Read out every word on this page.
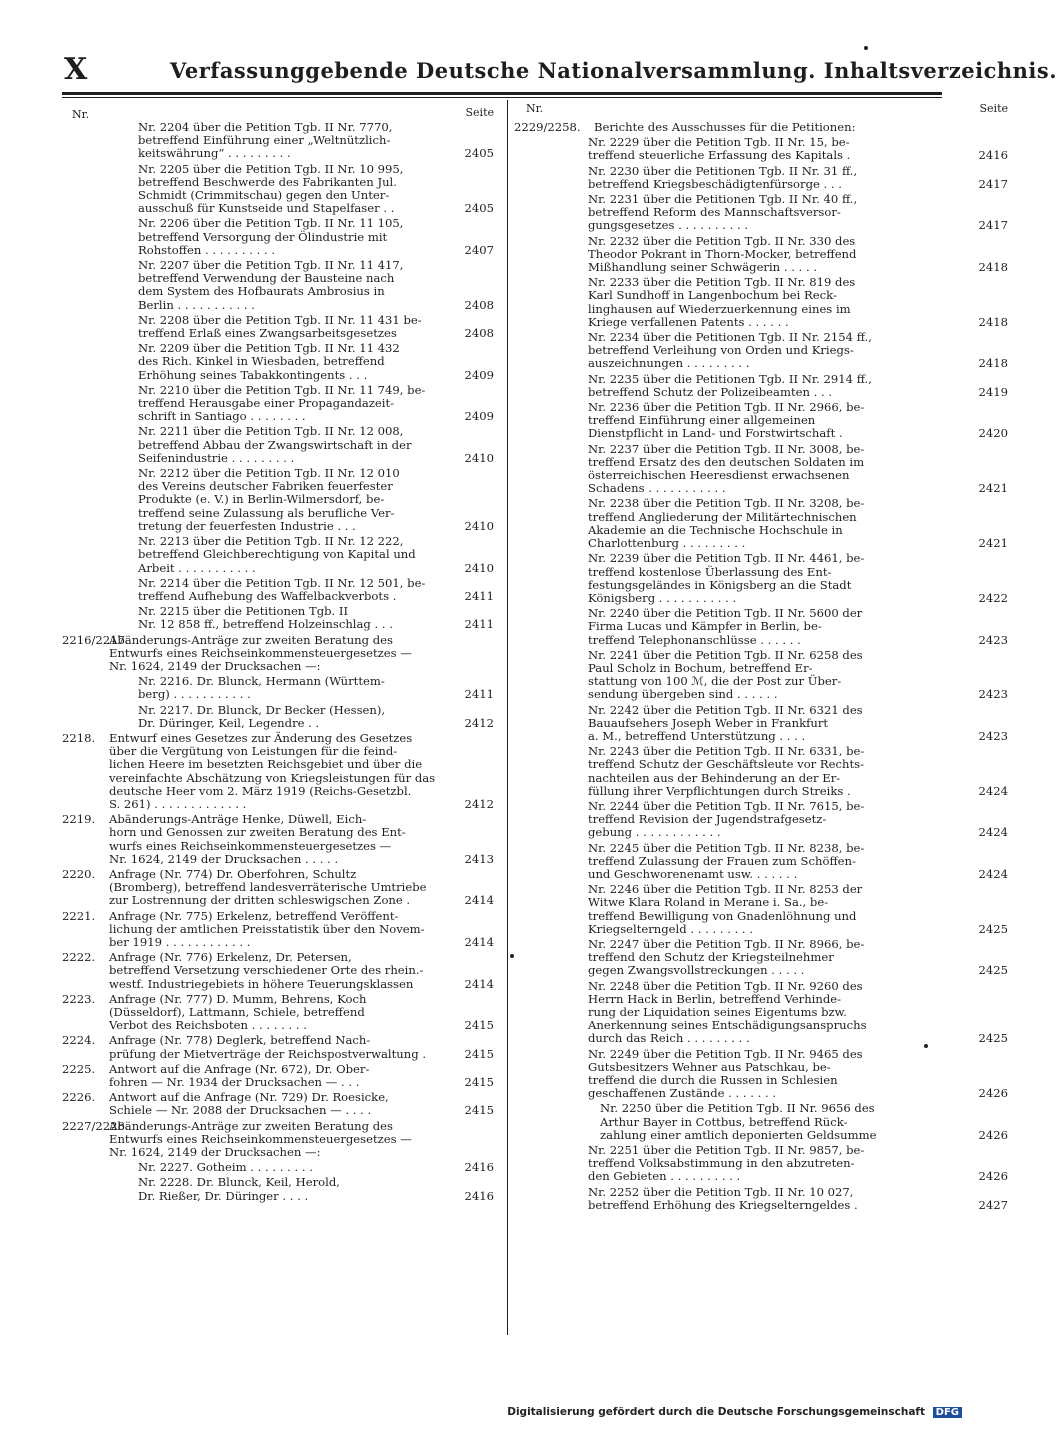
X	Verfassunggebende Deutsche Nationalversammlung. Inhaltsverzeichnis.
Nr.	Seite
Nr. 2204 über die Petition Tgb. II Nr. 7770,
betreffend Einführung einer „Weltnützlich-
keitswährung“ . . . . . . . . .	2405
Nr. 2205 über die Petition Tgb. II Nr. 10 995,
betreffend Beschwerde des Fabrikanten Jul.
Schmidt (Crimmitschau) gegen den Unter-
ausschuß für Kunstseide und Stapelfaser . .	2405
Nr. 2206 über die Petition Tgb. II Nr. 11 105,
betreffend Versorgung der Ölindustrie mit
Rohstoffen . . . . . . . . . .	2407
Nr. 2207 über die Petition Tgb. II Nr. 11 417,
betreffend Verwendung der Bausteine nach
dem System des Hofbaurats Ambrosius in
Berlin . . . . . . . . . . .	2408
Nr. 2208 über die Petition Tgb. II Nr. 11 431 be-
treffend Erlaß eines Zwangsarbeitsgesetzes	2408
Nr. 2209 über die Petition Tgb. II Nr. 11 432
des Rich. Kinkel in Wiesbaden, betreffend
Erhöhung seines Tabakkontingents . . .	2409
Nr. 2210 über die Petition Tgb. II Nr. 11 749, be-
treffend Herausgabe einer Propagandazeit-
schrift in Santiago . . . . . . . .	2409
Nr. 2211 über die Petition Tgb. II Nr. 12 008,
betreffend Abbau der Zwangswirtschaft in der
Seifenindustrie . . . . . . . . .	2410
Nr. 2212 über die Petition Tgb. II Nr. 12 010
des Vereins deutscher Fabriken feuerfester
Produkte (e. V.) in Berlin-Wilmersdorf, be-
treffend seine Zulassung als berufliche Ver-
tretung der feuerfesten Industrie . . .	2410
Nr. 2213 über die Petition Tgb. II Nr. 12 222,
betreffend Gleichberechtigung von Kapital und
Arbeit . . . . . . . . . . .	2410
Nr. 2214 über die Petition Tgb. II Nr. 12 501, be-
treffend Aufhebung des Waffelbackverbots .	2411
Nr. 2215 über die Petitionen Tgb. II
Nr. 12 858 ff., betreffend Holzeinschlag . . .	2411
2216/2217.
Abänderungs-Anträge zur zweiten Beratung des
Entwurfs eines Reichseinkommensteuergesetzes —
Nr. 1624, 2149 der Drucksachen —:
Nr. 2216. Dr. Blunck, Hermann (Württem-
berg) . . . . . . . . . . .	2411
Nr. 2217. Dr. Blunck, Dr Becker (Hessen),
Dr. Düringer, Keil, Legendre . .	2412
2218.	Entwurf eines Gesetzes zur Änderung des Gesetzes
über die Vergütung von Leistungen für die feind-
lichen Heere im besetzten Reichsgebiet und über die
vereinfachte Abschätzung von Kriegsleistungen für das
deutsche Heer vom 2. März 1919 (Reichs-Gesetzbl.
S. 261) . . . . . . . . . . . . .	2412
2219.	Abänderungs-Anträge Henke, Düwell, Eich-
horn und Genossen zur zweiten Beratung des Ent-
wurfs eines Reichseinkommensteuergesetzes —
Nr. 1624, 2149 der Drucksachen . . . . .	2413
2220.	Anfrage (Nr. 774) Dr. Oberfohren, Schultz
(Bromberg), betreffend landesverräterische Umtriebe
zur Lostrennung der dritten schleswigschen Zone .	2414
2221.	Anfrage (Nr. 775) Erkelenz, betreffend Veröffent-
lichung der amtlichen Preisstatistik über den Novem-
ber 1919 . . . . . . . . . . . .	2414
2222.	Anfrage (Nr. 776) Erkelenz, Dr. Petersen,
betreffend Versetzung verschiedener Orte des rhein.-
westf. Industriegebiets in höhere Teuerungsklassen	2414
2223.	Anfrage (Nr. 777) D. Mumm, Behrens, Koch
(Düsseldorf), Lattmann, Schiele, betreffend
Verbot des Reichsboten . . . . . . . .	2415
2224.	Anfrage (Nr. 778) Deglerk, betreffend Nach-
prüfung der Mietverträge der Reichspostverwaltung .	2415
2225.	Antwort auf die Anfrage (Nr. 672), Dr. Ober-
fohren — Nr. 1934 der Drucksachen — . . .	2415
2226.	Antwort auf die Anfrage (Nr. 729) Dr. Roesicke,
Schiele — Nr. 2088 der Drucksachen — . . . .	2415
2227/2228.
Abänderungs-Anträge zur zweiten Beratung des
Entwurfs eines Reichseinkommensteuergesetzes —
Nr. 1624, 2149 der Drucksachen —:
Nr. 2227. Gotheim . . . . . . . . .	2416
Nr. 2228. Dr. Blunck, Keil, Herold,
Dr. Rießer, Dr. Düringer . . . .	2416
Nr.	Seite
2229/2258.	Berichte des Ausschusses für die Petitionen:
Nr. 2229 über die Petition Tgb. II Nr. 15, be-
treffend steuerliche Erfassung des Kapitals .	2416
Nr. 2230 über die Petitionen Tgb. II Nr. 31 ff.,
betreffend Kriegsbeschädigtenfürsorge . . .	2417
Nr. 2231 über die Petitionen Tgb. II Nr. 40 ff.,
betreffend Reform des Mannschaftsversor-
gungsgesetzes . . . . . . . . . .	2417
Nr. 2232 über die Petition Tgb. II Nr. 330 des
Theodor Pokrant in Thorn-Mocker, betreffend
Mißhandlung seiner Schwägerin . . . . .	2418
Nr. 2233 über die Petition Tgb. II Nr. 819 des
Karl Sundhoff in Langenbochum bei Reck-
linghausen auf Wiederzuerkennung eines im
Kriege verfallenen Patents . . . . . .	2418
Nr. 2234 über die Petitionen Tgb. II Nr. 2154 ff.,
betreffend Verleihung von Orden und Kriegs-
auszeichnungen . . . . . . . . .	2418
Nr. 2235 über die Petitionen Tgb. II Nr. 2914 ff.,
betreffend Schutz der Polizeibeamten . . .	2419
Nr. 2236 über die Petition Tgb. II Nr. 2966, be-
treffend Einführung einer allgemeinen
Dienstpflicht in Land- und Forstwirtschaft .	2420
Nr. 2237 über die Petition Tgb. II Nr. 3008, be-
treffend Ersatz des den deutschen Soldaten im
österreichischen Heeresdienst erwachsenen
Schadens . . . . . . . . . . .	2421
Nr. 2238 über die Petition Tgb. II Nr. 3208, be-
treffend Angliederung der Militärtechnischen
Akademie an die Technische Hochschule in
Charlottenburg . . . . . . . . .	2421
Nr. 2239 über die Petition Tgb. II Nr. 4461, be-
treffend kostenlose Überlassung des Ent-
festungsgeländes in Königsberg an die Stadt
Königsberg . . . . . . . . . . .	2422
Nr. 2240 über die Petition Tgb. II Nr. 5600 der
Firma Lucas und Kämpfer in Berlin, be-
treffend Telephonanschlüsse . . . . . .	2423
Nr. 2241 über die Petition Tgb. II Nr. 6258 des
Paul Scholz in Bochum, betreffend Er-
stattung von 100 ℳ, die der Post zur Über-
sendung übergeben sind . . . . . .	2423
Nr. 2242 über die Petition Tgb. II Nr. 6321 des
Bauaufsehers Joseph Weber in Frankfurt
a. M., betreffend Unterstützung . . . .	2423
Nr. 2243 über die Petition Tgb. II Nr. 6331, be-
treffend Schutz der Geschäftsleute vor Rechts-
nachteilen aus der Behinderung an der Er-
füllung ihrer Verpflichtungen durch Streiks .	2424
Nr. 2244 über die Petition Tgb. II Nr. 7615, be-
treffend Revision der Jugendstrafgesetz-
gebung . . . . . . . . . . . .	2424
Nr. 2245 über die Petition Tgb. II Nr. 8238, be-
treffend Zulassung der Frauen zum Schöffen-
und Geschworenenamt usw. . . . . . .	2424
Nr. 2246 über die Petition Tgb. II Nr. 8253 der
Witwe Klara Roland in Merane i. Sa., be-
treffend Bewilligung von Gnadenlöhnung und
Kriegselterngeld . . . . . . . . .	2425
Nr. 2247 über die Petition Tgb. II Nr. 8966, be-
treffend den Schutz der Kriegsteilnehmer
gegen Zwangsvollstreckungen . . . . .	2425
Nr. 2248 über die Petition Tgb. II Nr. 9260 des
Herrn Hack in Berlin, betreffend Verhinde-
rung der Liquidation seines Eigentums bzw.
Anerkennung seines Entschädigungsanspruchs
durch das Reich . . . . . . . . .	2425
Nr. 2249 über die Petition Tgb. II Nr. 9465 des
Gutsbesitzers Wehner aus Patschkau, be-
treffend die durch die Russen in Schlesien
geschaffenen Zustände . . . . . . .	2426
Nr. 2250 über die Petition Tgb. II Nr. 9656 des
Arthur Bayer in Cottbus, betreffend Rück-
zahlung einer amtlich deponierten Geldsumme	2426
Nr. 2251 über die Petition Tgb. II Nr. 9857, be-
treffend Volksabstimmung in den abzutreten-
den Gebieten . . . . . . . . . .	2426
Nr. 2252 über die Petition Tgb. II Nr. 10 027,
betreffend Erhöhung des Kriegselterngeldes .	2427
Digitalisierung gefördert durch die Deutsche Forschungsgemeinschaft DFG
